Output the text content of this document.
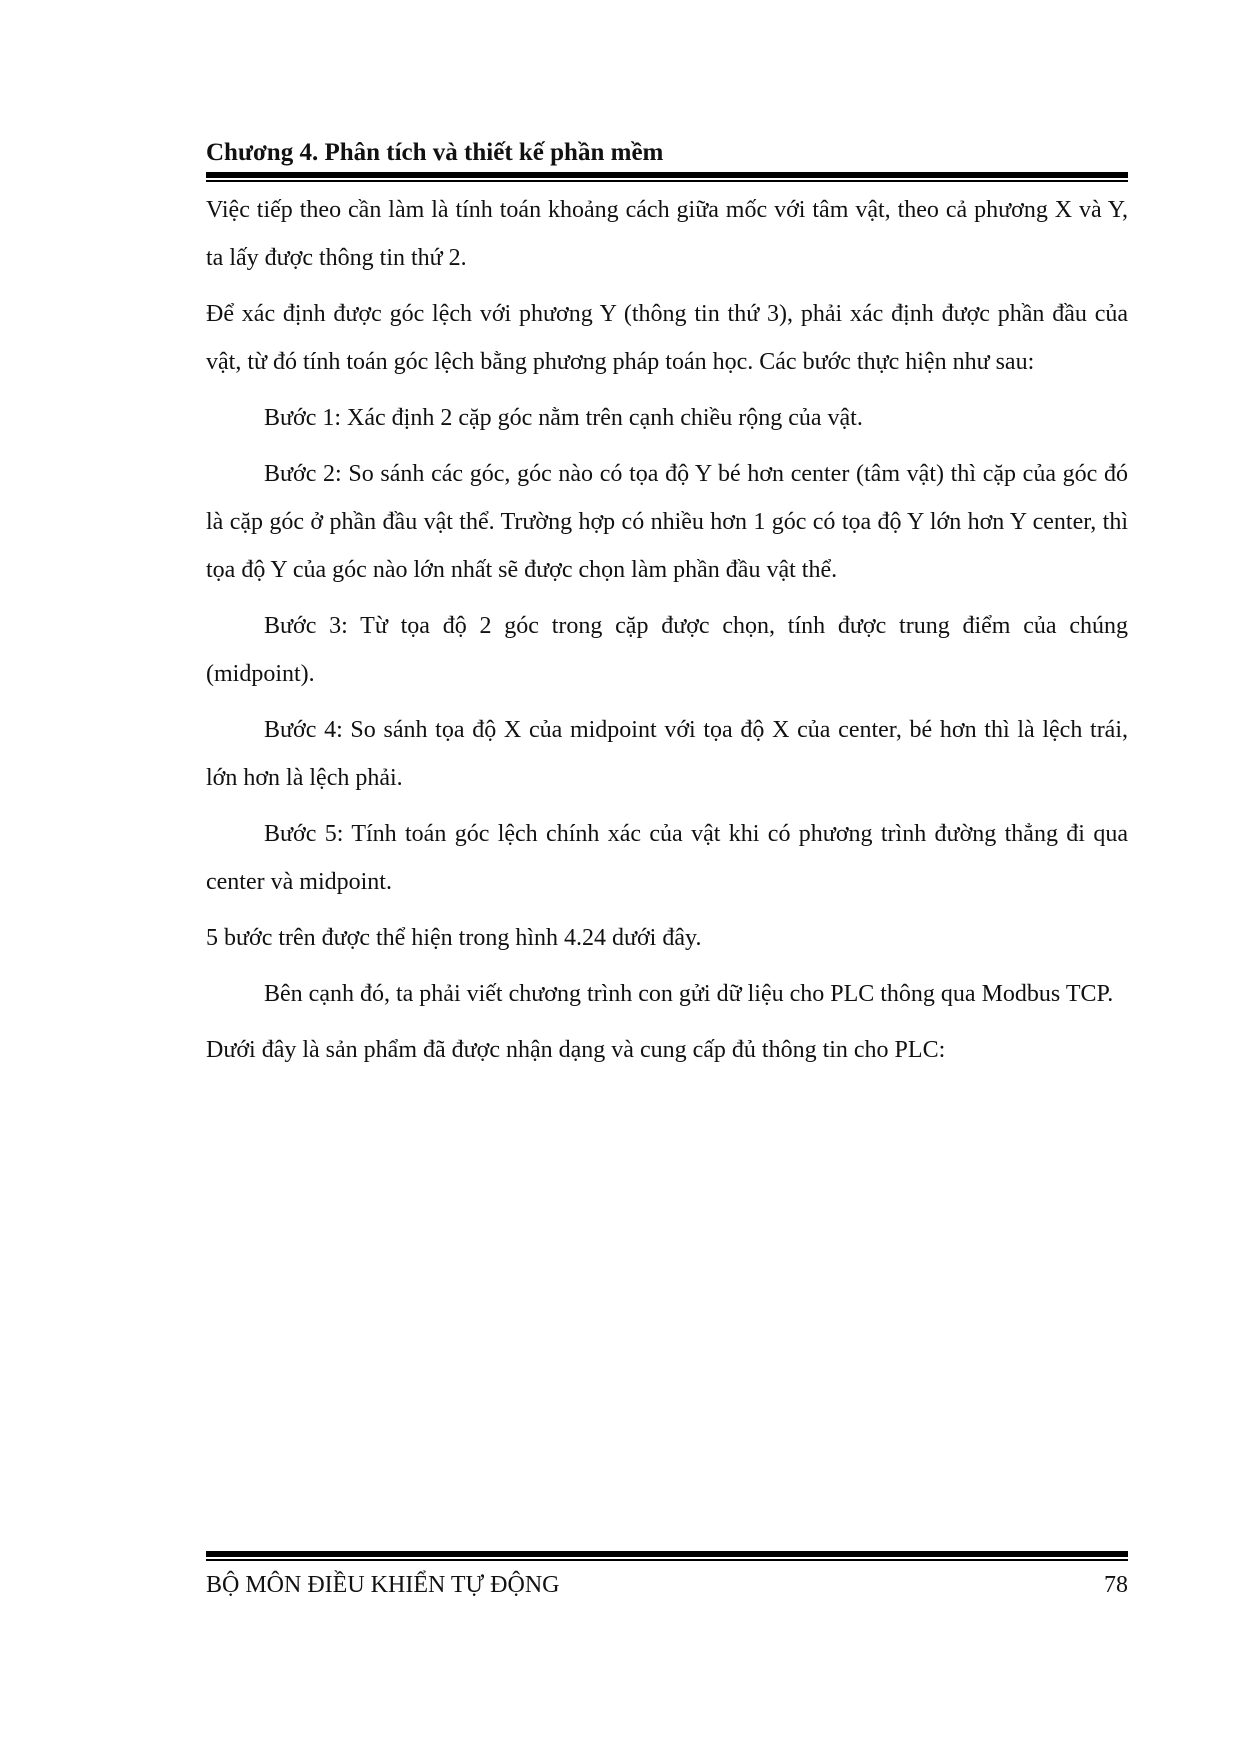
Chương 4. Phân tích và thiết kế phần mềm

Việc tiếp theo cần làm là tính toán khoảng cách giữa mốc với tâm vật, theo cả phương X và Y, ta lấy được thông tin thứ 2.

Để xác định được góc lệch với phương Y (thông tin thứ 3), phải xác định được phần đầu của vật, từ đó tính toán góc lệch bằng phương pháp toán học. Các bước thực hiện như sau:

Bước 1: Xác định 2 cặp góc nằm trên cạnh chiều rộng của vật.

Bước 2: So sánh các góc, góc nào có tọa độ Y bé hơn center (tâm vật) thì cặp của góc đó là cặp góc ở phần đầu vật thể. Trường hợp có nhiều hơn 1 góc có tọa độ Y lớn hơn Y center, thì tọa độ Y của góc nào lớn nhất sẽ được chọn làm phần đầu vật thể.

Bước 3: Từ tọa độ 2 góc trong cặp được chọn, tính được trung điểm của chúng (midpoint).

Bước 4: So sánh tọa độ X của midpoint với tọa độ X của center, bé hơn thì là lệch trái, lớn hơn là lệch phải.

Bước 5: Tính toán góc lệch chính xác của vật khi có phương trình đường thẳng đi qua center và midpoint.

5 bước trên được thể hiện trong hình 4.24 dưới đây.

Bên cạnh đó, ta phải viết chương trình con gửi dữ liệu cho PLC thông qua Modbus TCP.

Dưới đây là sản phẩm đã được nhận dạng và cung cấp đủ thông tin cho PLC:

BỘ MÔN ĐIỀU KHIỂN TỰ ĐỘNG	78
